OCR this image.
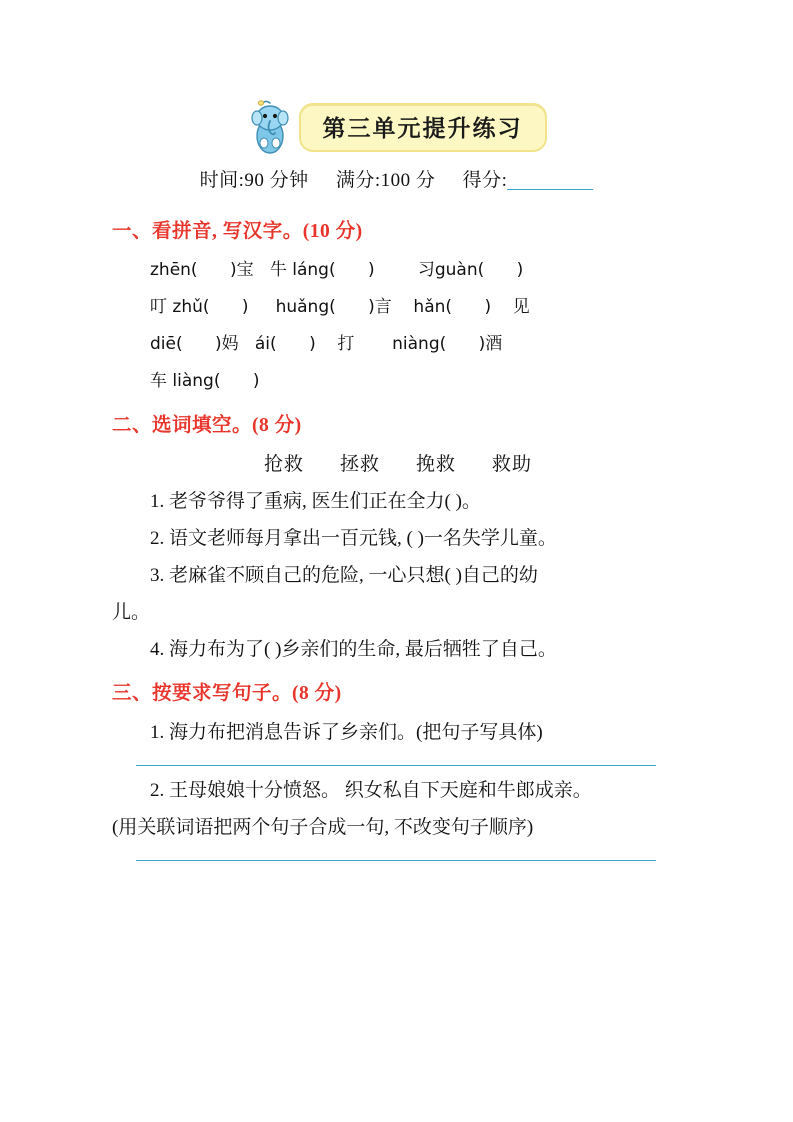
第三单元提升练习
时间:90 分钟 满分:100 分 得分:
一、看拼音, 写汉字。(10 分)
zhēn(      )宝   牛 láng(      )        习guàn(      )
叮 zhǔ(      )     huǎng(      )言    hǎn(      )    见
diē(      )妈   ái(      )    打       niàng(      )酒
车 liàng(      )
二、选词填空。(8 分)
抢救 拯救 挽救 救助
1. 老爷爷得了重病, 医生们正在全力( )。
2. 语文老师每月拿出一百元钱, ( )一名失学儿童。
3. 老麻雀不顾自己的危险, 一心只想( )自己的幼
儿。
4. 海力布为了( )乡亲们的生命, 最后牺牲了自己。
三、按要求写句子。(8 分)
1. 海力布把消息告诉了乡亲们。(把句子写具体)
2. 王母娘娘十分愤怒。 织女私自下天庭和牛郎成亲。
(用关联词语把两个句子合成一句, 不改变句子顺序)
